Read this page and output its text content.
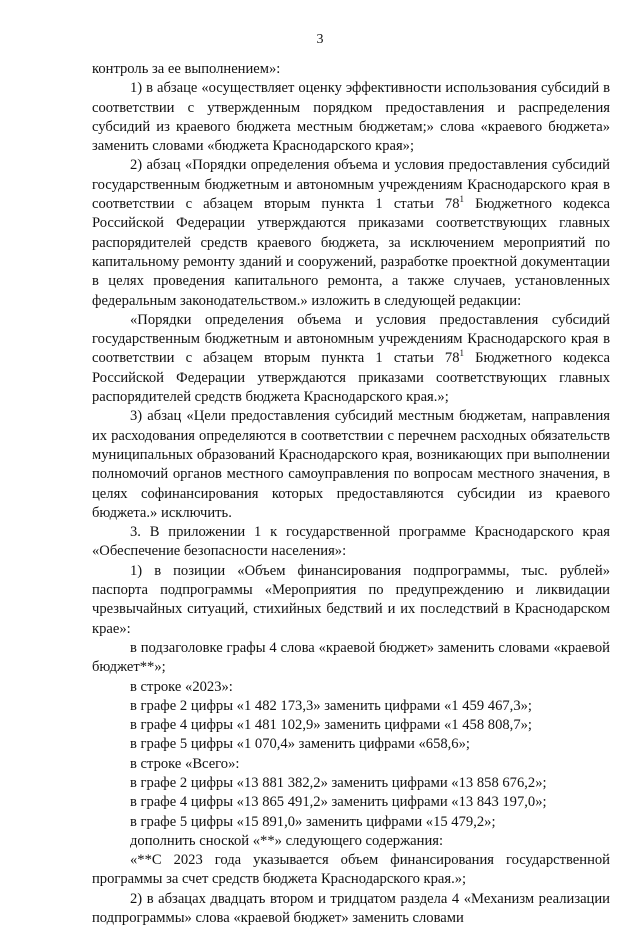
3

контроль за ее выполнением»:

1) в абзаце «осуществляет оценку эффективности использования субсидий в соответствии с утвержденным порядком предоставления и распределения субсидий из краевого бюджета местным бюджетам;» слова «краевого бюджета» заменить словами «бюджета Краснодарского края»;

2) абзац «Порядки определения объема и условия предоставления субсидий государственным бюджетным и автономным учреждениям Краснодарского края в соответствии с абзацем вторым пункта 1 статьи $78^1$ Бюджетного кодекса Российской Федерации утверждаются приказами соответствующих главных распорядителей средств краевого бюджета, за исключением мероприятий по капитальному ремонту зданий и сооружений, разработке проектной документации в целях проведения капитального ремонта, а также случаев, установленных федеральным законодательством.» изложить в следующей редакции:

«Порядки определения объема и условия предоставления субсидий государственным бюджетным и автономным учреждениям Краснодарского края в соответствии с абзацем вторым пункта 1 статьи $78^1$ Бюджетного кодекса Российской Федерации утверждаются приказами соответствующих главных распорядителей средств бюджета Краснодарского края.»;

3) абзац «Цели предоставления субсидий местным бюджетам, направления их расходования определяются в соответствии с перечнем расходных обязательств муниципальных образований Краснодарского края, возникающих при выполнении полномочий органов местного самоуправления по вопросам местного значения, в целях софинансирования которых предоставляются субсидии из краевого бюджета.» исключить.

3. В приложении 1 к государственной программе Краснодарского края «Обеспечение безопасности населения»:

1) в позиции «Объем финансирования подпрограммы, тыс. рублей» паспорта подпрограммы «Мероприятия по предупреждению и ликвидации чрезвычайных ситуаций, стихийных бедствий и их последствий в Краснодарском крае»:

в подзаголовке графы 4 слова «краевой бюджет» заменить словами «краевой бюджет**»;

в строке «2023»:

в графе 2 цифры «1 482 173,3» заменить цифрами «1 459 467,3»;

в графе 4 цифры «1 481 102,9» заменить цифрами «1 458 808,7»;

в графе 5 цифры «1 070,4» заменить цифрами «658,6»;

в строке «Всего»:

в графе 2 цифры «13 881 382,2» заменить цифрами «13 858 676,2»;

в графе 4 цифры «13 865 491,2» заменить цифрами «13 843 197,0»;

в графе 5 цифры «15 891,0» заменить цифрами «15 479,2»;

дополнить сноской «**» следующего содержания:

«**С 2023 года указывается объем финансирования государственной программы за счет средств бюджета Краснодарского края.»;

2) в абзацах двадцать втором и тридцатом раздела 4 «Механизм реализации подпрограммы» слова «краевой бюджет» заменить словами
